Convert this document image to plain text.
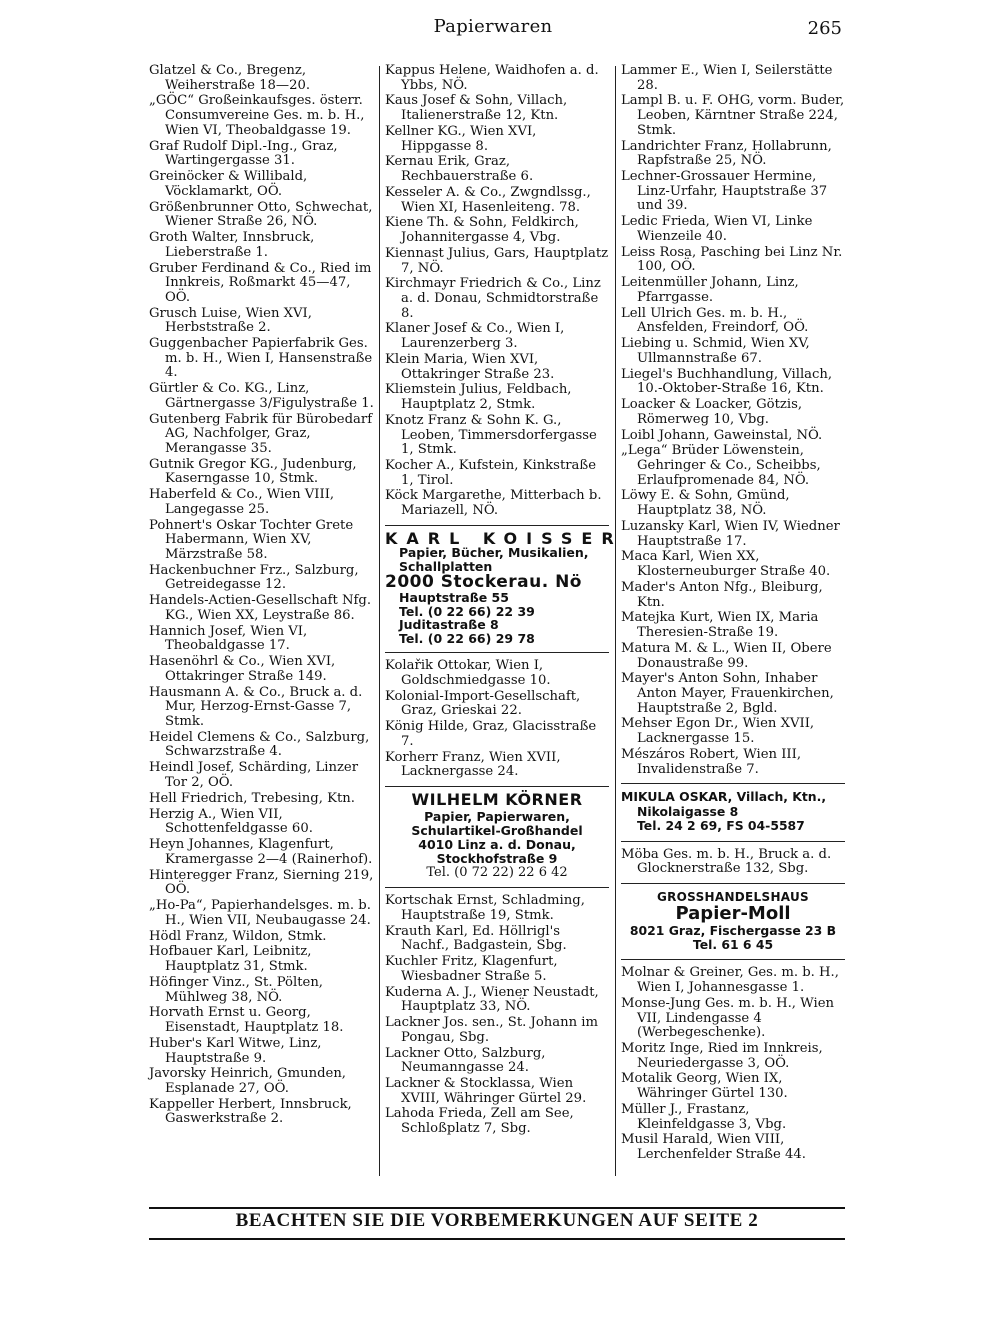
Papierwaren	265
Glatzel & Co., Bregenz, Weiherstraße 18—20.
„GÖC“ Großeinkaufsges. österr. Consumvereine Ges. m. b. H., Wien VI, Theobaldgasse 19.
Graf Rudolf Dipl.-Ing., Graz, Wartingergasse 31.
Greinöcker & Willibald, Vöcklamarkt, OÖ.
Größenbrunner Otto, Schwechat, Wiener Straße 26, NÖ.
Groth Walter, Innsbruck, Lieberstraße 1.
Gruber Ferdinand & Co., Ried im Innkreis, Roßmarkt 45—47, OÖ.
Grusch Luise, Wien XVI, Herbststraße 2.
Guggenbacher Papierfabrik Ges. m. b. H., Wien I, Hansenstraße 4.
Gürtler & Co. KG., Linz, Gärtnergasse 3/Figulystraße 1.
Gutenberg Fabrik für Bürobedarf AG, Nachfolger, Graz, Merangasse 35.
Gutnik Gregor KG., Judenburg, Kaserngasse 10, Stmk.
Haberfeld & Co., Wien VIII, Langegasse 25.
Pohnert's Oskar Tochter Grete Habermann, Wien XV, Märzstraße 58.
Hackenbuchner Frz., Salzburg, Getreidegasse 12.
Handels-Actien-Gesellschaft Nfg. KG., Wien XX, Leystraße 86.
Hannich Josef, Wien VI, Theobaldgasse 17.
Hasenöhrl & Co., Wien XVI, Ottakringer Straße 149.
Hausmann A. & Co., Bruck a. d. Mur, Herzog-Ernst-Gasse 7, Stmk.
Heidel Clemens & Co., Salzburg, Schwarzstraße 4.
Heindl Josef, Schärding, Linzer Tor 2, OÖ.
Hell Friedrich, Trebesing, Ktn.
Herzig A., Wien VII, Schottenfeldgasse 60.
Heyn Johannes, Klagenfurt, Kramergasse 2—4 (Rainerhof).
Hinteregger Franz, Sierning 219, OÖ.
„Ho-Pa“, Papierhandelsges. m. b. H., Wien VII, Neubaugasse 24.
Hödl Franz, Wildon, Stmk.
Hofbauer Karl, Leibnitz, Hauptplatz 31, Stmk.
Höfinger Vinz., St. Pölten, Mühlweg 38, NÖ.
Horvath Ernst u. Georg, Eisenstadt, Hauptplatz 18.
Huber's Karl Witwe, Linz, Hauptstraße 9.
Javorsky Heinrich, Gmunden, Esplanade 27, OÖ.
Kappeller Herbert, Innsbruck, Gaswerkstraße 2.
Kappus Helene, Waidhofen a. d. Ybbs, NÖ.
Kaus Josef & Sohn, Villach, Italienerstraße 12, Ktn.
Kellner KG., Wien XVI, Hippgasse 8.
Kernau Erik, Graz, Rechbauerstraße 6.
Kesseler A. & Co., Zwgndlssg., Wien XI, Hasenleiteng. 78.
Kiene Th. & Sohn, Feldkirch, Johannitergasse 4, Vbg.
Kiennast Julius, Gars, Hauptplatz 7, NÖ.
Kirchmayr Friedrich & Co., Linz a. d. Donau, Schmidtorstraße 8.
Klaner Josef & Co., Wien I, Laurenzerberg 3.
Klein Maria, Wien XVI, Ottakringer Straße 23.
Kliemstein Julius, Feldbach, Hauptplatz 2, Stmk.
Knotz Franz & Sohn K. G., Leoben, Timmersdorfergasse 1, Stmk.
Kocher A., Kufstein, Kinkstraße 1, Tirol.
Köck Margarethe, Mitterbach b. Mariazell, NÖ.
KARL KOISSER
Papier, Bücher, Musikalien,
Schallplatten
2000 Stockerau. Nö
Hauptstraße 55
Tel. (0 22 66) 22 39
Juditastraße 8
Tel. (0 22 66) 29 78
Kolařik Ottokar, Wien I, Goldschmiedgasse 10.
Kolonial-Import-Gesellschaft, Graz, Grieskai 22.
König Hilde, Graz, Glacisstraße 7.
Korherr Franz, Wien XVII, Lacknergasse 24.
WILHELM KÖRNER
Papier, Papierwaren,
Schulartikel-Großhandel
4010 Linz a. d. Donau,
Stockhofstraße 9
Tel. (0 72 22) 22 6 42
Kortschak Ernst, Schladming, Hauptstraße 19, Stmk.
Krauth Karl, Ed. Höllrigl's Nachf., Badgastein, Sbg.
Kuchler Fritz, Klagenfurt, Wiesbadner Straße 5.
Kuderna A. J., Wiener Neustadt, Hauptplatz 33, NÖ.
Lackner Jos. sen., St. Johann im Pongau, Sbg.
Lackner Otto, Salzburg, Neumanngasse 24.
Lackner & Stocklassa, Wien XVIII, Währinger Gürtel 29.
Lahoda Frieda, Zell am See, Schloßplatz 7, Sbg.
Lammer E., Wien I, Seilerstätte 28.
Lampl B. u. F. OHG, vorm. Buder, Leoben, Kärntner Straße 224, Stmk.
Landrichter Franz, Hollabrunn, Rapfstraße 25, NÖ.
Lechner-Grossauer Hermine, Linz-Urfahr, Hauptstraße 37 und 39.
Ledic Frieda, Wien VI, Linke Wienzeile 40.
Leiss Rosa, Pasching bei Linz Nr. 100, OÖ.
Leitenmüller Johann, Linz, Pfarrgasse.
Lell Ulrich Ges. m. b. H., Ansfelden, Freindorf, OÖ.
Liebing u. Schmid, Wien XV, Ullmannstraße 67.
Liegel's Buchhandlung, Villach, 10.-Oktober-Straße 16, Ktn.
Loacker & Loacker, Götzis, Römerweg 10, Vbg.
Loibl Johann, Gaweinstal, NÖ.
„Lega“ Brüder Löwenstein, Gehringer & Co., Scheibbs, Erlaufpromenade 84, NÖ.
Löwy E. & Sohn, Gmünd, Hauptplatz 38, NÖ.
Luzansky Karl, Wien IV, Wiedner Hauptstraße 17.
Maca Karl, Wien XX, Klosterneuburger Straße 40.
Mader's Anton Nfg., Bleiburg, Ktn.
Matejka Kurt, Wien IX, Maria Theresien-Straße 19.
Matura M. & L., Wien II, Obere Donaustraße 99.
Mayer's Anton Sohn, Inhaber Anton Mayer, Frauenkirchen, Hauptstraße 2, Bgld.
Mehser Egon Dr., Wien XVII, Lacknergasse 15.
Mészáros Robert, Wien III, Invalidenstraße 7.
MIKULA OSKAR, Villach, Ktn.,
Nikolaigasse 8
Tel. 24 2 69, FS 04-5587
Möba Ges. m. b. H., Bruck a. d. Glocknerstraße 132, Sbg.
GROSSHANDELSHAUS
Papier-Moll
8021 Graz, Fischergasse 23 B
Tel. 61 6 45
Molnar & Greiner, Ges. m. b. H., Wien I, Johannesgasse 1.
Monse-Jung Ges. m. b. H., Wien VII, Lindengasse 4 (Werbegeschenke).
Moritz Inge, Ried im Innkreis, Neuriedergasse 3, OÖ.
Motalik Georg, Wien IX, Währinger Gürtel 130.
Müller J., Frastanz, Kleinfeldgasse 3, Vbg.
Musil Harald, Wien VIII, Lerchenfelder Straße 44.
BEACHTEN SIE DIE VORBEMERKUNGEN AUF SEITE 2
